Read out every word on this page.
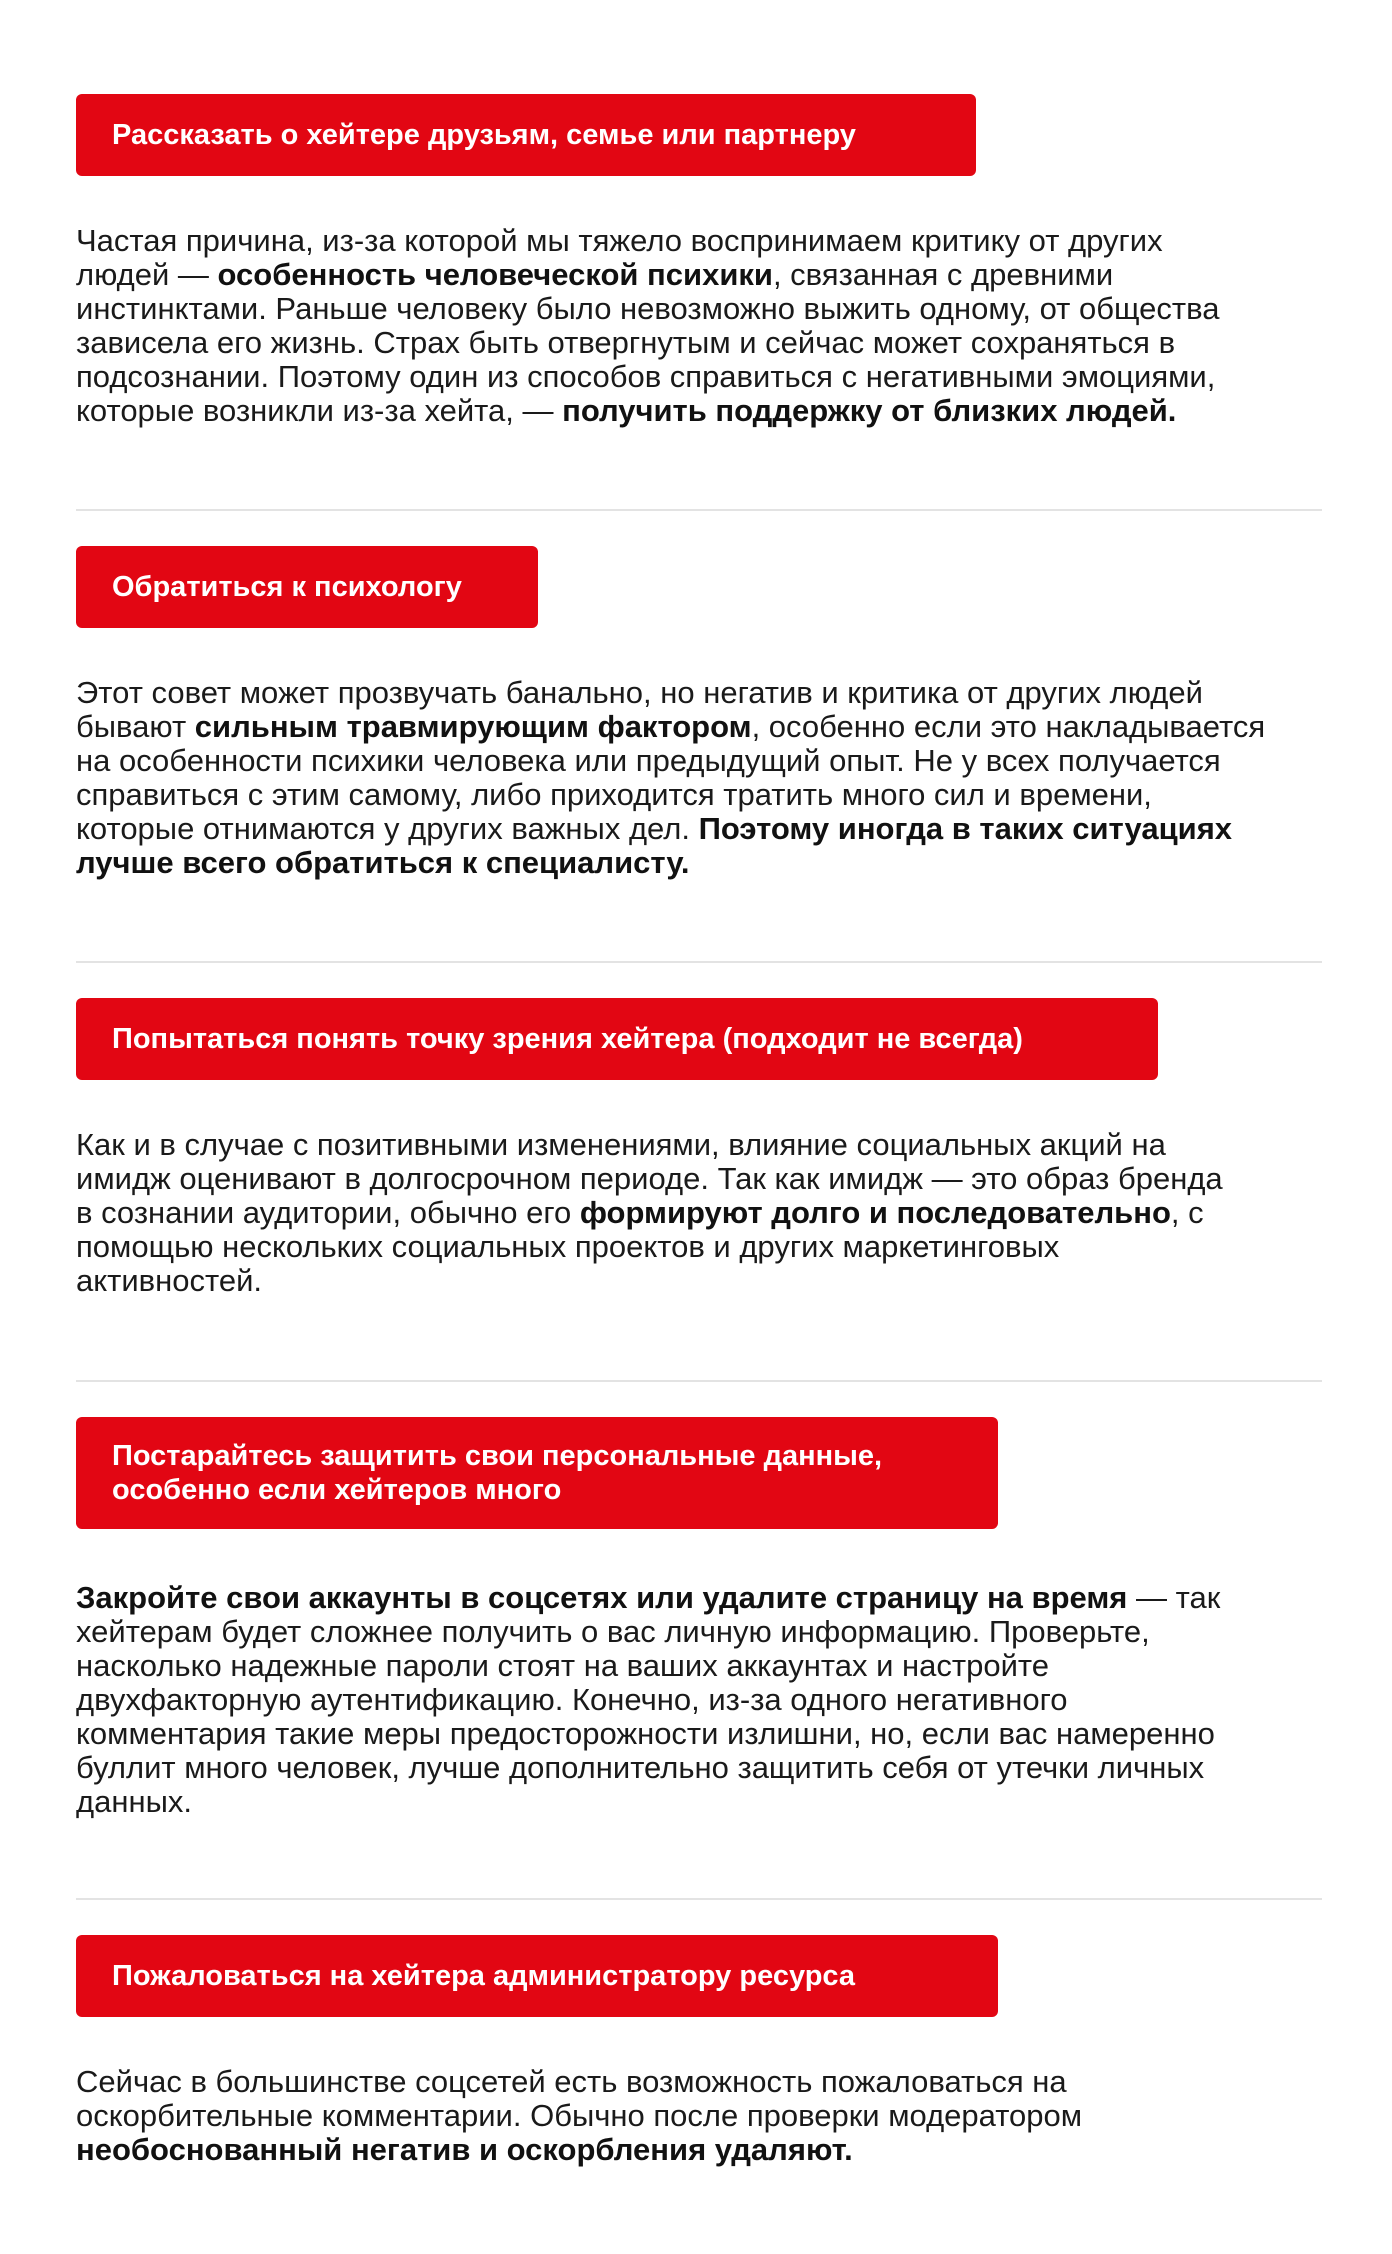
Рассказать о хейтере друзьям, семье или партнеру
Частая причина, из-за которой мы тяжело воспринимаем критику от других
людей — особенность человеческой психики, связанная с древними
инстинктами. Раньше человеку было невозможно выжить одному, от общества
зависела его жизнь. Страх быть отвергнутым и сейчас может сохраняться в
подсознании. Поэтому один из способов справиться с негативными эмоциями,
которые возникли из-за хейта, — получить поддержку от близких людей.
Обратиться к психологу
Этот совет может прозвучать банально, но негатив и критика от других людей
бывают сильным травмирующим фактором, особенно если это накладывается
на особенности психики человека или предыдущий опыт. Не у всех получается
справиться с этим самому, либо приходится тратить много сил и времени,
которые отнимаются у других важных дел. Поэтому иногда в таких ситуациях
лучше всего обратиться к специалисту.
Попытаться понять точку зрения хейтера (подходит не всегда)
Как и в случае с позитивными изменениями, влияние социальных акций на
имидж оценивают в долгосрочном периоде. Так как имидж — это образ бренда
в сознании аудитории, обычно его формируют долго и последовательно, с
помощью нескольких социальных проектов и других маркетинговых
активностей.
Постарайтесь защитить свои персональные данные,
особенно если хейтеров много
Закройте свои аккаунты в соцсетях или удалите страницу на время — так
хейтерам будет сложнее получить о вас личную информацию. Проверьте,
насколько надежные пароли стоят на ваших аккаунтах и настройте
двухфакторную аутентификацию. Конечно, из-за одного негативного
комментария такие меры предосторожности излишни, но, если вас намеренно
буллит много человек, лучше дополнительно защитить себя от утечки личных
данных.
Пожаловаться на хейтера администратору ресурса
Сейчас в большинстве соцсетей есть возможность пожаловаться на
оскорбительные комментарии. Обычно после проверки модератором
необоснованный негатив и оскорбления удаляют.
